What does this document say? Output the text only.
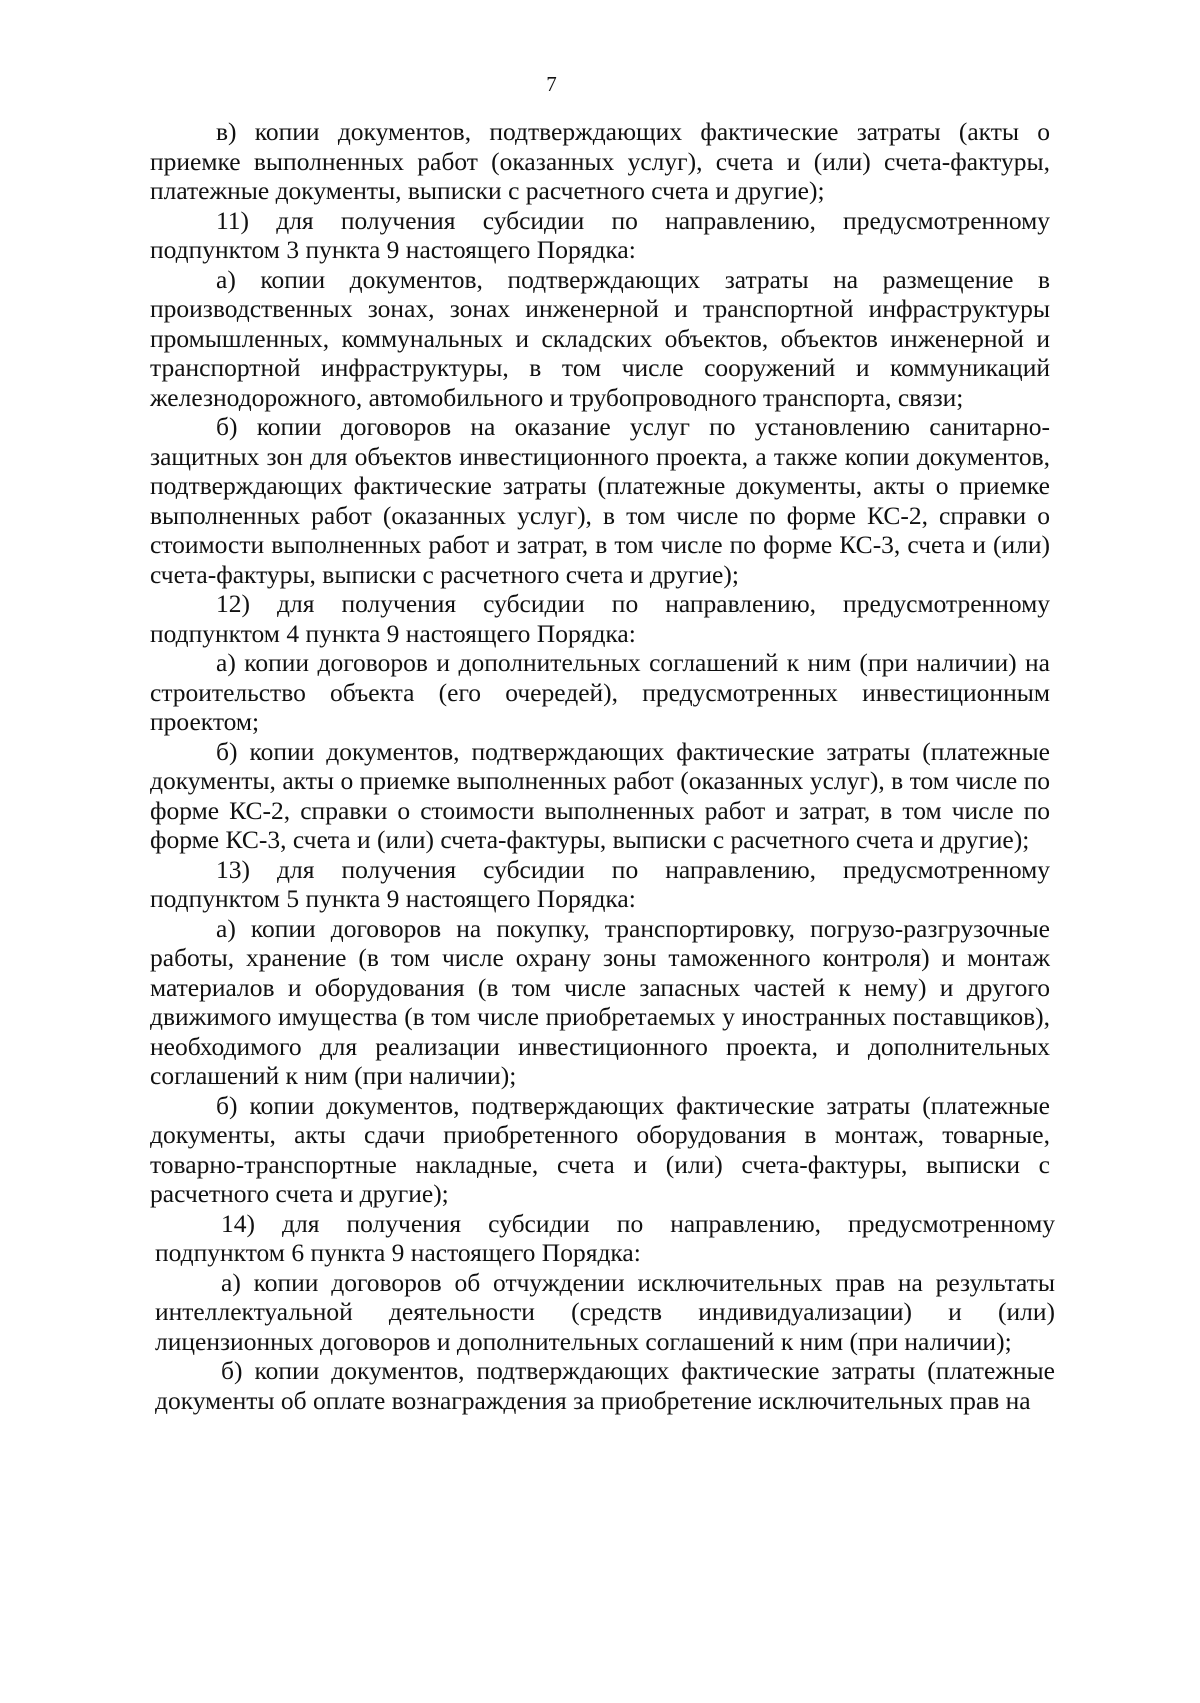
7

в) копии документов, подтверждающих фактические затраты (акты о приемке выполненных работ (оказанных услуг), счета и (или) счета-фактуры, платежные документы, выписки с расчетного счета и другие);

11) для получения субсидии по направлению, предусмотренному подпунктом 3 пункта 9 настоящего Порядка:

а) копии документов, подтверждающих затраты на размещение в производственных зонах, зонах инженерной и транспортной инфраструктуры промышленных, коммунальных и складских объектов, объектов инженерной и транспортной инфраструктуры, в том числе сооружений и коммуникаций железнодорожного, автомобильного и трубопроводного транспорта, связи;

б) копии договоров на оказание услуг по установлению санитарно-защитных зон для объектов инвестиционного проекта, а также копии документов, подтверждающих фактические затраты (платежные документы, акты о приемке выполненных работ (оказанных услуг), в том числе по форме КС-2, справки о стоимости выполненных работ и затрат, в том числе по форме КС-3, счета и (или) счета-фактуры, выписки с расчетного счета и другие);

12) для получения субсидии по направлению, предусмотренному подпунктом 4 пункта 9 настоящего Порядка:

а) копии договоров и дополнительных соглашений к ним (при наличии) на строительство объекта (его очередей), предусмотренных инвестиционным проектом;

б) копии документов, подтверждающих фактические затраты (платежные документы, акты о приемке выполненных работ (оказанных услуг), в том числе по форме КС-2, справки о стоимости выполненных работ и затрат, в том числе по форме КС-3, счета и (или) счета-фактуры, выписки с расчетного счета и другие);

13) для получения субсидии по направлению, предусмотренному подпунктом 5 пункта 9 настоящего Порядка:

а) копии договоров на покупку, транспортировку, погрузо-разгрузочные работы, хранение (в том числе охрану зоны таможенного контроля) и монтаж материалов и оборудования (в том числе запасных частей к нему) и другого движимого имущества (в том числе приобретаемых у иностранных поставщиков), необходимого для реализации инвестиционного проекта, и дополнительных соглашений к ним (при наличии);

б) копии документов, подтверждающих фактические затраты (платежные документы, акты сдачи приобретенного оборудования в монтаж, товарные, товарно-транспортные накладные, счета и (или) счета-фактуры, выписки с расчетного счета и другие);

14) для получения субсидии по направлению, предусмотренному подпунктом 6 пункта 9 настоящего Порядка:

а) копии договоров об отчуждении исключительных прав на результаты интеллектуальной деятельности (средств индивидуализации) и (или) лицензионных договоров и дополнительных соглашений к ним (при наличии);

б) копии документов, подтверждающих фактические затраты (платежные документы об оплате вознаграждения за приобретение исключительных прав на
